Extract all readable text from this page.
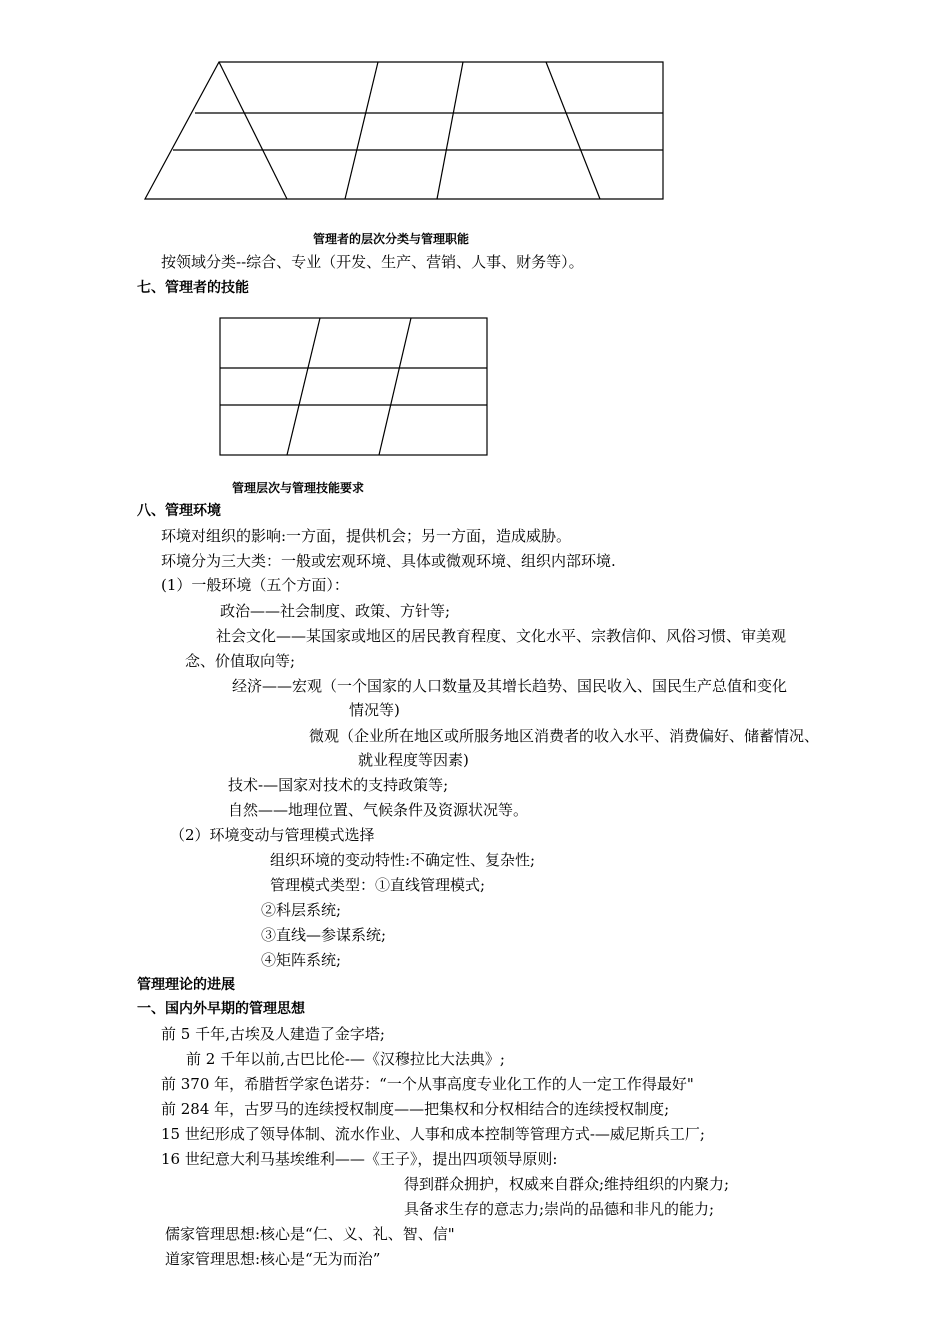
管理者的层次分类与管理职能
按领域分类--综合、专业（开发、生产、营销、人事、财务等）。
七、管理者的技能
管理层次与管理技能要求
八、管理环境
环境对组织的影响:一方面，提供机会；另一方面，造成威胁。
环境分为三大类：一般或宏观环境、具体或微观环境、组织内部环境.
(1）一般环境（五个方面）：
政治——社会制度、政策、方针等;
社会文化——某国家或地区的居民教育程度、文化水平、宗教信仰、风俗习惯、审美观
念、价值取向等;
经济——宏观（一个国家的人口数量及其增长趋势、国民收入、国民生产总值和变化
情况等)
微观（企业所在地区或所服务地区消费者的收入水平、消费偏好、储蓄情况、
就业程度等因素)
技术-—国家对技术的支持政策等;
自然——地理位置、气候条件及资源状况等。
（2）环境变动与管理模式选择
组织环境的变动特性:不确定性、复杂性;
管理模式类型：①直线管理模式;
②科层系统;
③直线—参谋系统;
④矩阵系统;
管理理论的进展
一、国内外早期的管理思想
前 5 千年,古埃及人建造了金字塔;
前 2 千年以前,古巴比伦-—《汉穆拉比大法典》;
前 370 年，希腊哲学家色诺芬：“一个从事高度专业化工作的人一定工作得最好"
前 284 年，古罗马的连续授权制度——把集权和分权相结合的连续授权制度;
15 世纪形成了领导体制、流水作业、人事和成本控制等管理方式-—威尼斯兵工厂;
16 世纪意大利马基埃维利——《王子》，提出四项领导原则:
得到群众拥护，权威来自群众;维持组织的内聚力;
具备求生存的意志力;崇尚的品德和非凡的能力;
儒家管理思想:核心是“仁、义、礼、智、信"
道家管理思想:核心是“无为而治”
